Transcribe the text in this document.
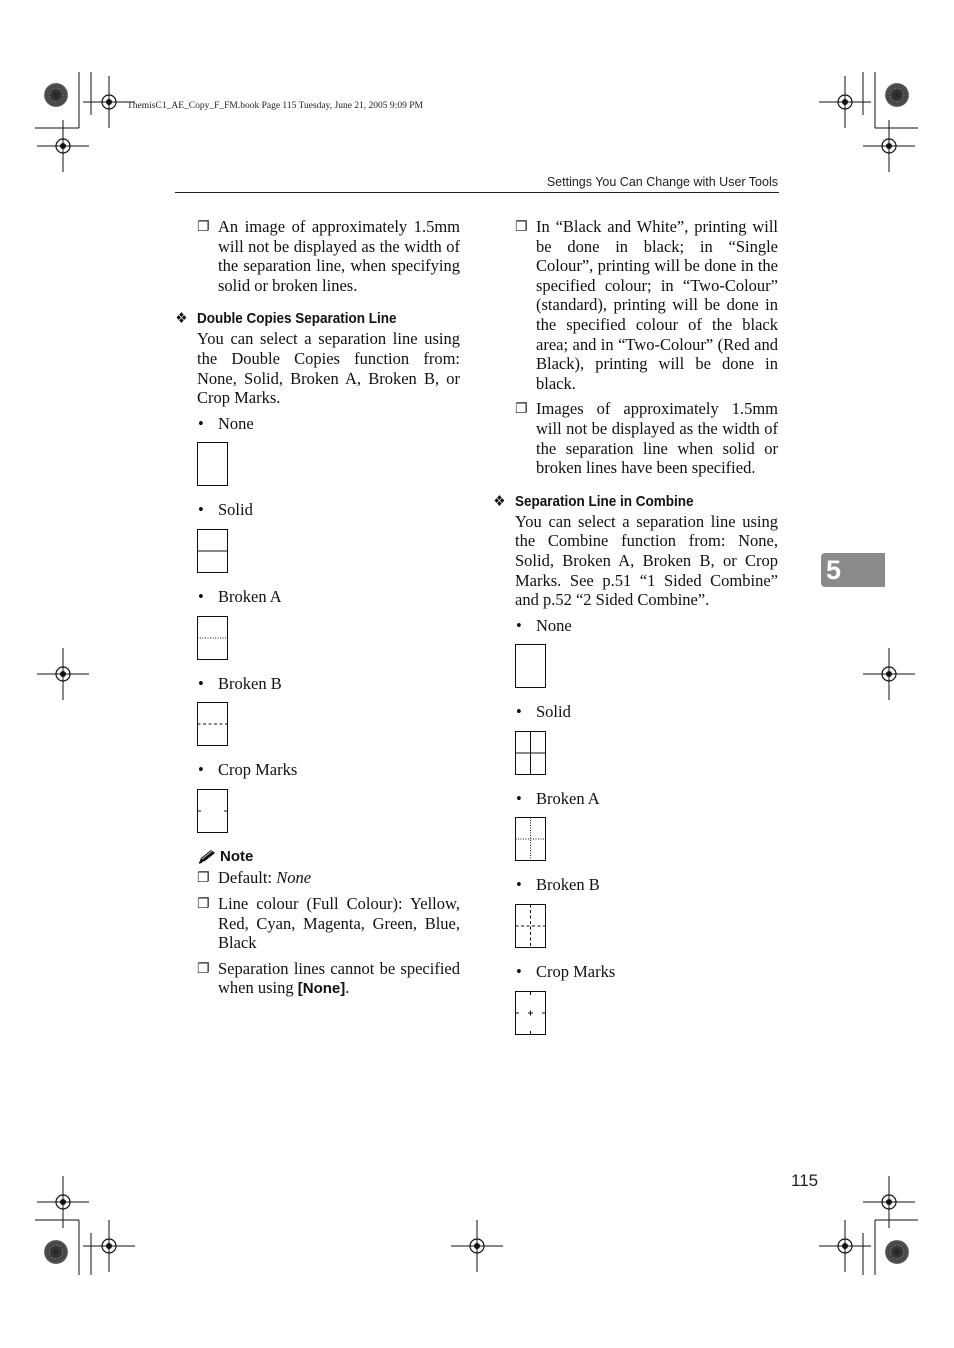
ThemisC1_AE_Copy_F_FM.book Page 115 Tuesday, June 21, 2005 9:09 PM
Settings You Can Change with User Tools
❐ An image of approximately 1.5mm will not be displayed as the width of the separation line, when specifying solid or broken lines.
❖ Double Copies Separation Line
You can select a separation line using the Double Copies function from: None, Solid, Broken A, Broken B, or Crop Marks.
• None
• Solid
• Broken A
• Broken B
• Crop Marks
Note
❐ Default: None
❐ Line colour (Full Colour): Yellow, Red, Cyan, Magenta, Green, Blue, Black
❐ Separation lines cannot be specified when using [None].
❐ In “Black and White”, printing will be done in black; in “Single Colour”, printing will be done in the specified colour; in “Two-Colour” (standard), printing will be done in the specified colour of the black area; and in “Two-Colour” (Red and Black), printing will be done in black.
❐ Images of approximately 1.5mm will not be displayed as the width of the separation line when solid or broken lines have been specified.
❖ Separation Line in Combine
You can select a separation line using the Combine function from: None, Solid, Broken A, Broken B, or Crop Marks. See p.51 “1 Sided Combine” and p.52 “2 Sided Combine”.
• None
• Solid
• Broken A
• Broken B
• Crop Marks
5
115
